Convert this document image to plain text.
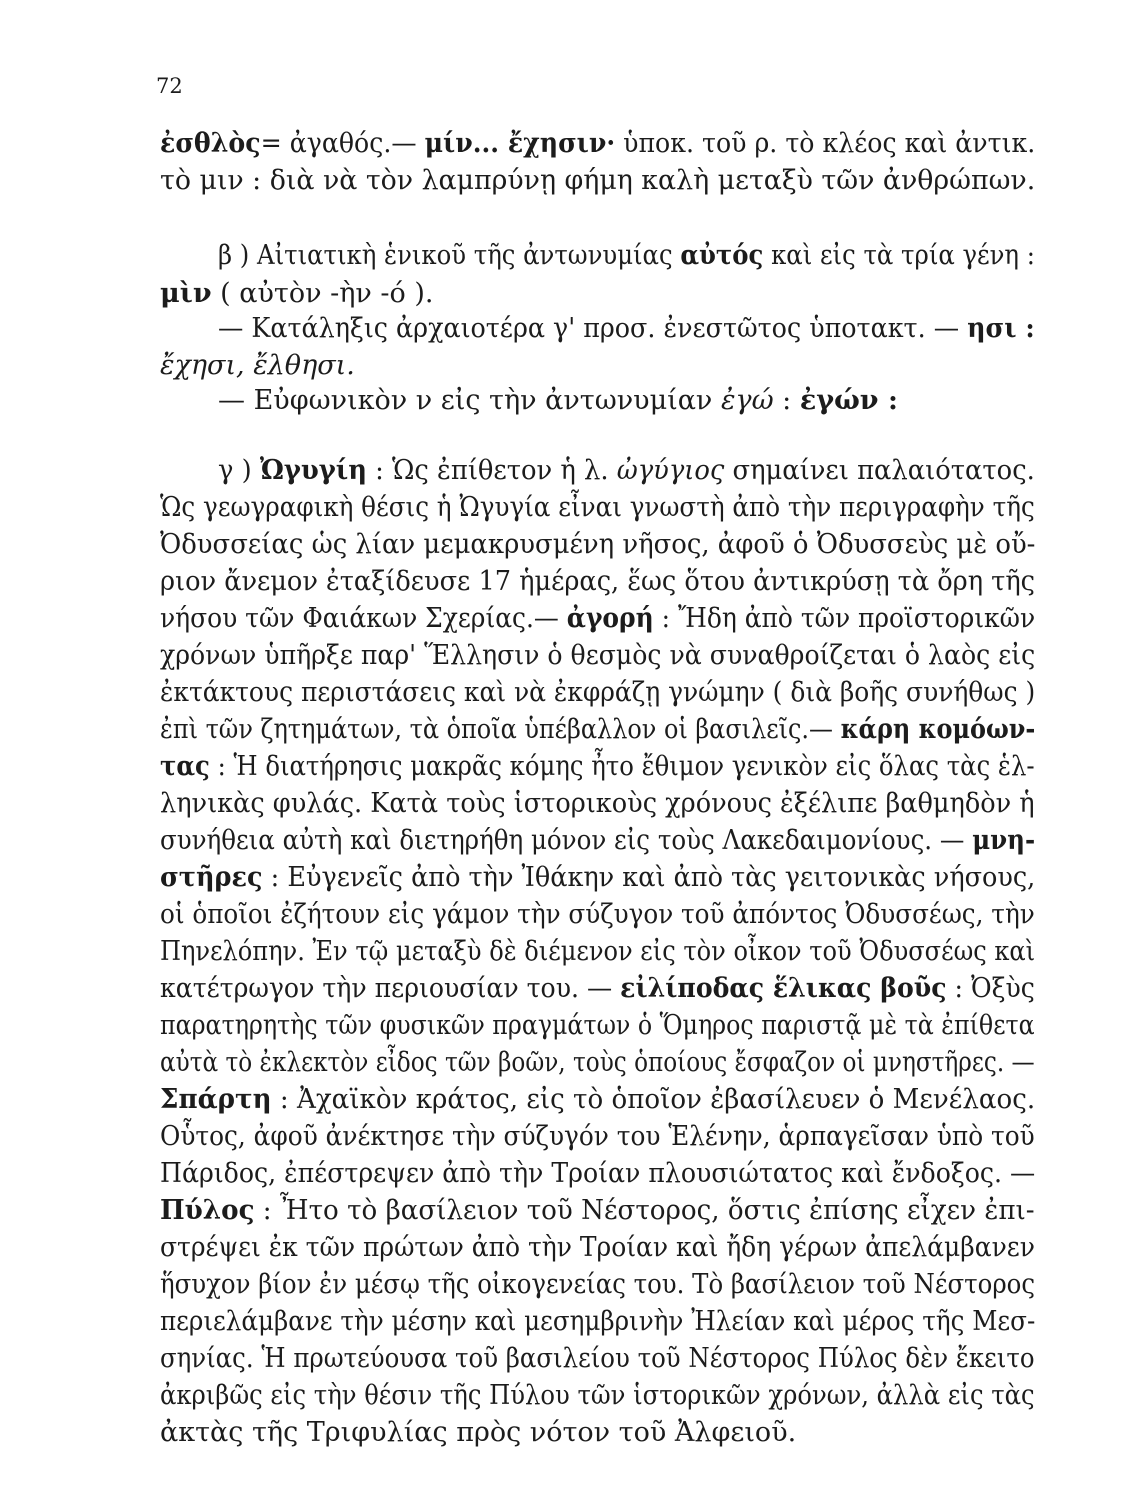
72
ἐσθλὸς= ἀγαθός.— μίν... ἔχησιν· ὑποκ. τοῦ ρ. τὸ κλέος καὶ ἀντικ.
τὸ μιν : διὰ νὰ τὸν λαμπρύνῃ φήμη καλὴ μεταξὺ τῶν ἀνθρώπων.
β ) Αἰτιατικὴ ἑνικοῦ τῆς ἀντωνυμίας αὐτός καὶ εἰς τὰ τρία γένη :
μὶν ( αὐτὸν -ὴν -ό ).
— Κατάληξις ἀρχαιοτέρα γ' προσ. ἐνεστῶτος ὑποτακτ. — ησι :
ἔχησι, ἔλθησι.
— Εὐφωνικὸν ν εἰς τὴν ἀντωνυμίαν ἐγώ : ἐγών :
γ ) Ὠγυγίη : Ὡς ἐπίθετον ἡ λ. ὠγύγιος σημαίνει παλαιότατος.
Ὡς γεωγραφικὴ θέσις ἡ Ὠγυγία εἶναι γνωστὴ ἀπὸ τὴν περιγραφὴν τῆς
Ὀδυσσείας ὡς λίαν μεμακρυσμένη νῆσος, ἀφοῦ ὁ Ὀδυσσεὺς μὲ οὔ-
ριον ἄνεμον ἐταξίδευσε 17 ἡμέρας, ἕως ὅτου ἀντικρύσῃ τὰ ὄρη τῆς
νήσου τῶν Φαιάκων Σχερίας.— ἀγορή : Ἤδη ἀπὸ τῶν προϊστορικῶν
χρόνων ὑπῆρξε παρ' Ἕλλησιν ὁ θεσμὸς νὰ συναθροίζεται ὁ λαὸς εἰς
ἐκτάκτους περιστάσεις καὶ νὰ ἐκφράζῃ γνώμην ( διὰ βοῆς συνήθως )
ἐπὶ τῶν ζητημάτων, τὰ ὁποῖα ὑπέβαλλον οἱ βασιλεῖς.— κάρη κομόων-
τας : Ἡ διατήρησις μακρᾶς κόμης ἦτο ἔθιμον γενικὸν εἰς ὅλας τὰς ἑλ-
ληνικὰς φυλάς. Κατὰ τοὺς ἱστορικοὺς χρόνους ἐξέλιπε βαθμηδὸν ἡ
συνήθεια αὐτὴ καὶ διετηρήθη μόνον εἰς τοὺς Λακεδαιμονίους. — μνη-
στῆρες : Εὐγενεῖς ἀπὸ τὴν Ἰθάκην καὶ ἀπὸ τὰς γειτονικὰς νήσους,
οἱ ὁποῖοι ἐζήτουν εἰς γάμον τὴν σύζυγον τοῦ ἀπόντος Ὀδυσσέως, τὴν
Πηνελόπην. Ἐν τῷ μεταξὺ δὲ διέμενον εἰς τὸν οἶκον τοῦ Ὀδυσσέως καὶ
κατέτρωγον τὴν περιουσίαν του. — εἰλίποδας ἕλικας βοῦς : Ὀξὺς
παρατηρητὴς τῶν φυσικῶν πραγμάτων ὁ Ὅμηρος παριστᾷ μὲ τὰ ἐπίθετα
αὐτὰ τὸ ἐκλεκτὸν εἶδος τῶν βοῶν, τοὺς ὁποίους ἔσφαζον οἱ μνηστῆρες. —
Σπάρτη : Ἀχαϊκὸν κράτος, εἰς τὸ ὁποῖον ἐβασίλευεν ὁ Μενέλαος.
Οὗτος, ἀφοῦ ἀνέκτησε τὴν σύζυγόν του Ἑλένην, ἁρπαγεῖσαν ὑπὸ τοῦ
Πάριδος, ἐπέστρεψεν ἀπὸ τὴν Τροίαν πλουσιώτατος καὶ ἔνδοξος. —
Πύλος : Ἦτο τὸ βασίλειον τοῦ Νέστορος, ὅστις ἐπίσης εἶχεν ἐπι-
στρέψει ἐκ τῶν πρώτων ἀπὸ τὴν Τροίαν καὶ ἤδη γέρων ἀπελάμβανεν
ἥσυχον βίον ἐν μέσῳ τῆς οἰκογενείας του. Τὸ βασίλειον τοῦ Νέστορος
περιελάμβανε τὴν μέσην καὶ μεσημβρινὴν Ἠλείαν καὶ μέρος τῆς Μεσ-
σηνίας. Ἡ πρωτεύουσα τοῦ βασιλείου τοῦ Νέστορος Πύλος δὲν ἔκειτο
ἀκριβῶς εἰς τὴν θέσιν τῆς Πύλου τῶν ἱστορικῶν χρόνων, ἀλλὰ εἰς τὰς
ἀκτὰς τῆς Τριφυλίας πρὸς νότον τοῦ Ἀλφειοῦ.
